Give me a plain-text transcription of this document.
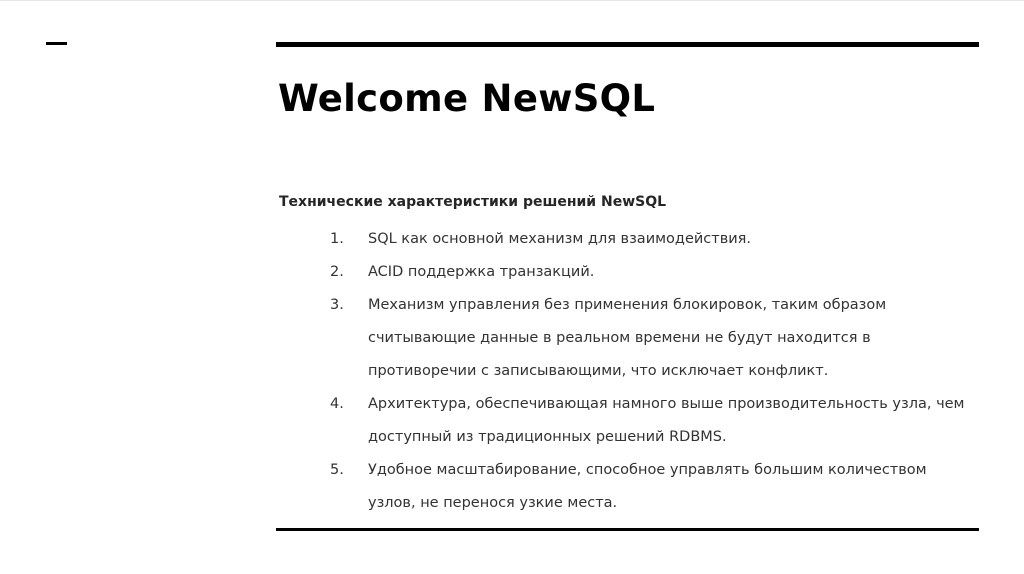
Welcome NewSQL

Технические характеристики решений NewSQL

1.	SQL как основной механизм для взаимодействия.
2.	ACID поддержка транзакций.
3.	Механизм управления без применения блокировок, таким образом считывающие данные в реальном времени не будут находится в противоречии с записывающими, что исключает конфликт.
4.	Архитектура, обеспечивающая намного выше производительность узла, чем доступный из традиционных решений RDBMS.
5.	Удобное масштабирование, способное управлять большим количеством узлов, не перенося узкие места.
